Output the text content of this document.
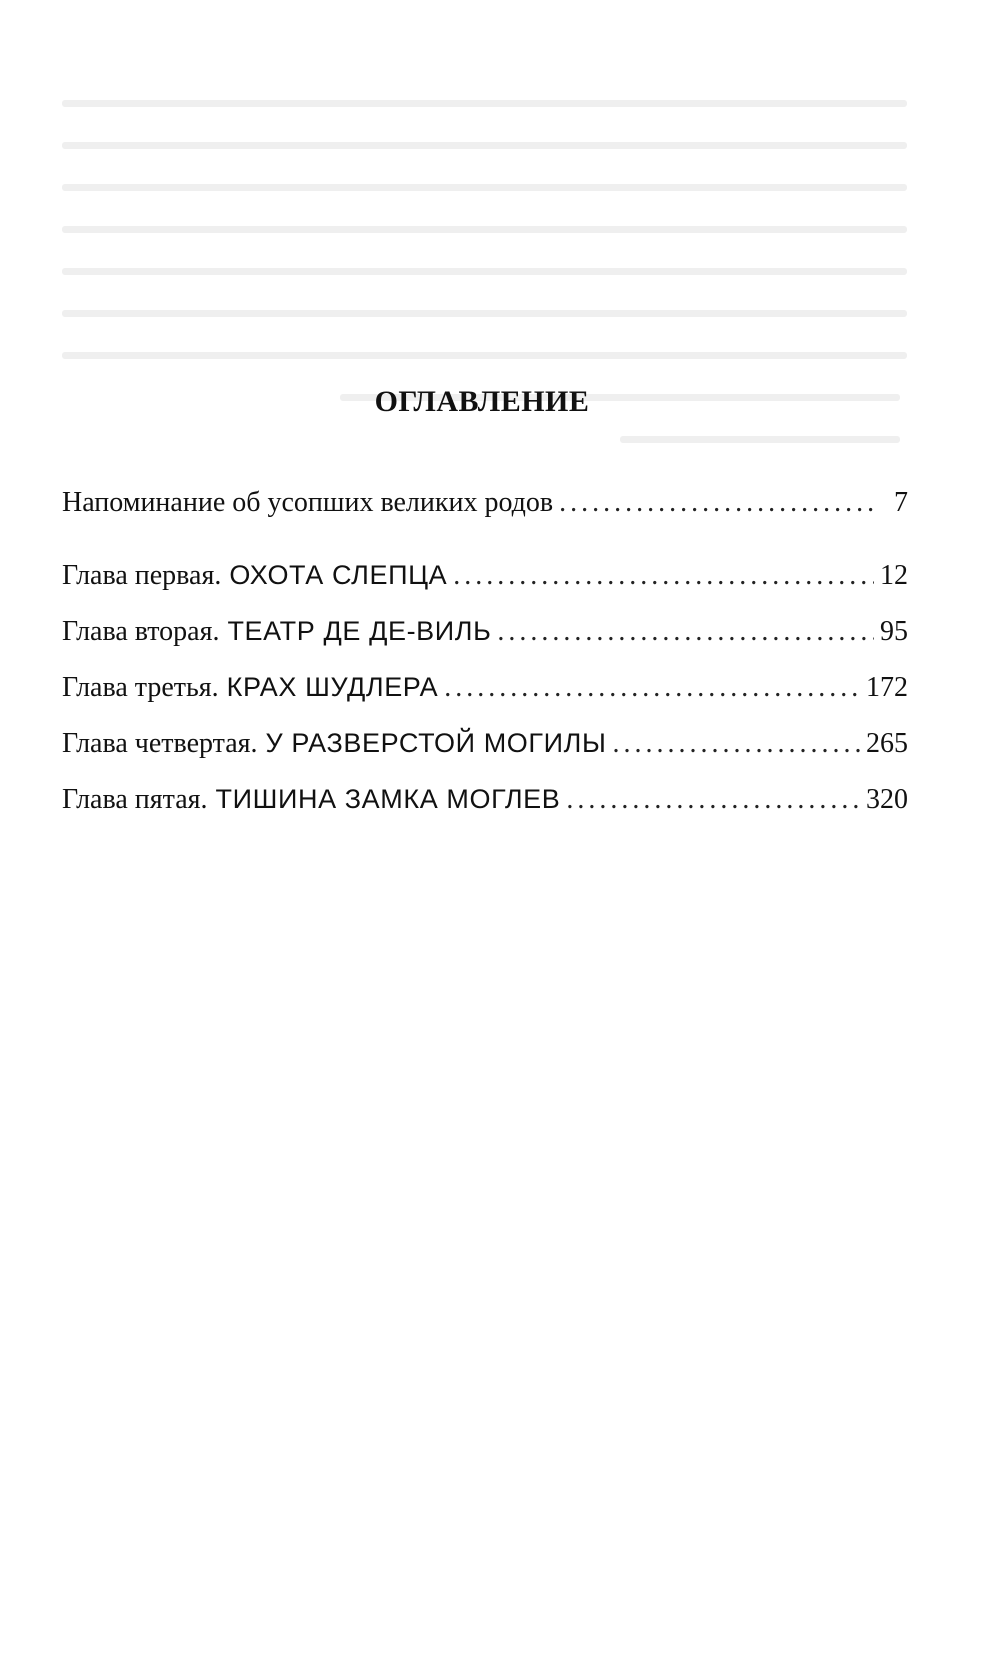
ОГЛАВЛЕНИЕ
Напоминание об усопших великих родов .....	7
Глава первая. ОХОТА СЛЕПЦА .....	12
Глава вторая. ТЕАТР ДЕ ДЕ-ВИЛЬ .....	95
Глава третья. КРАХ ШУДЛЕРА .....	172
Глава четвертая. У РАЗВЕРСТОЙ МОГИЛЫ .....	265
Глава пятая. ТИШИНА ЗАМКА МОГЛЕВ .....	320
